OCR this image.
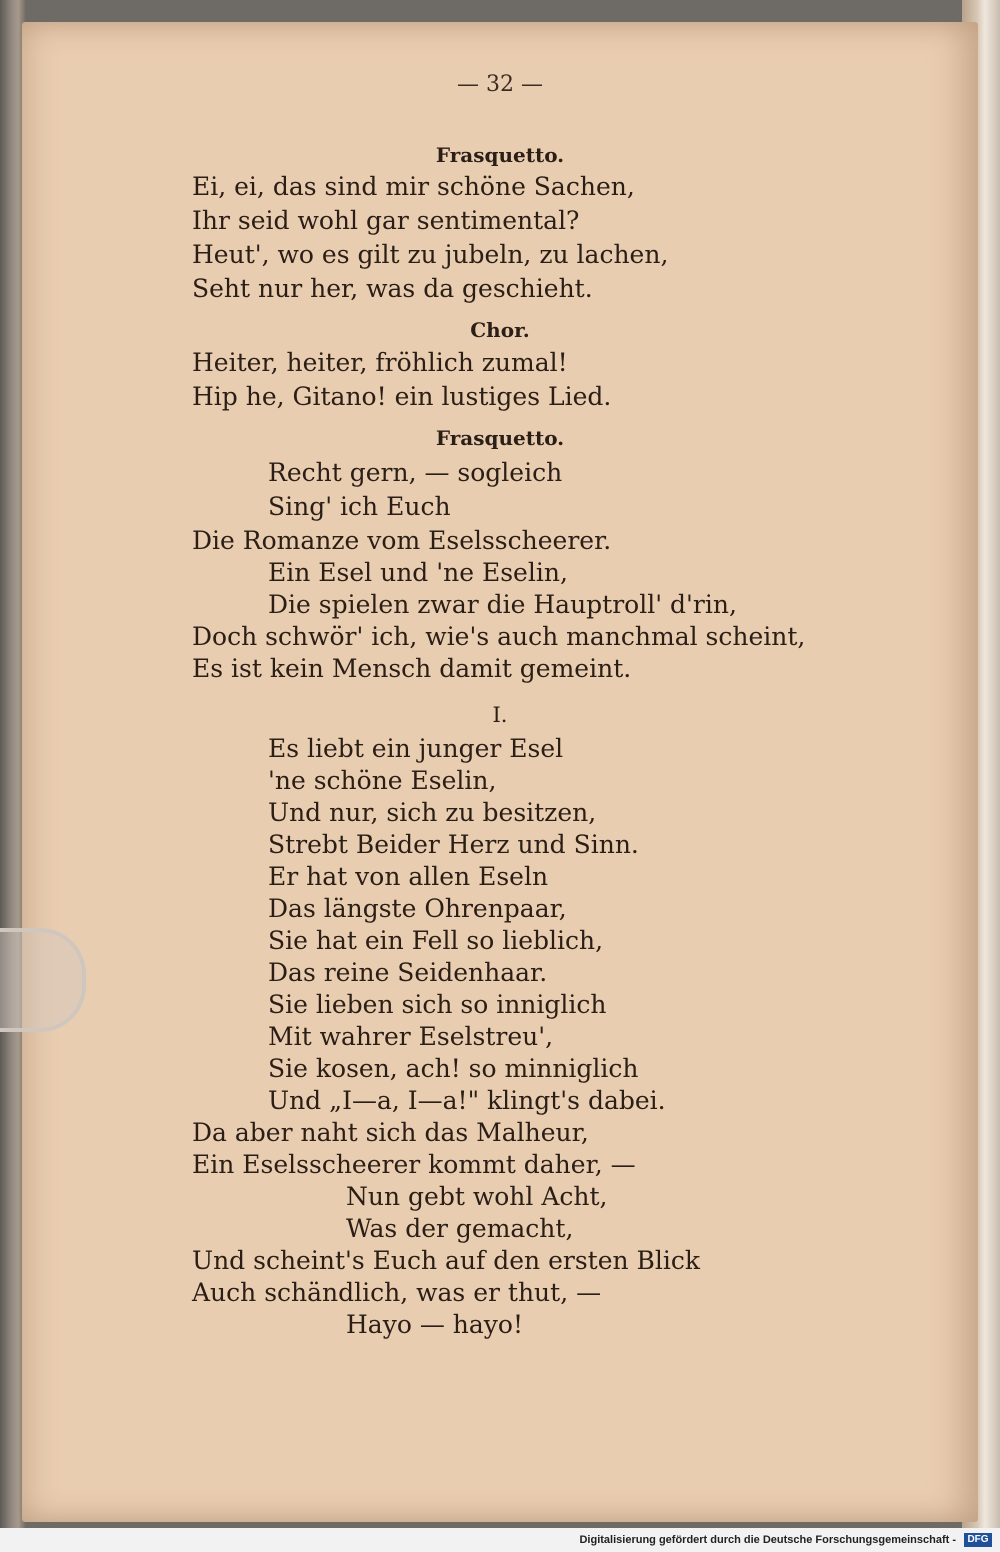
— 32 —
Frasquetto.
Ei, ei, das sind mir schöne Sachen,
Ihr seid wohl gar sentimental?
Heut', wo es gilt zu jubeln, zu lachen,
Seht nur her, was da geschieht.
Chor.
Heiter, heiter, fröhlich zumal!
Hip he, Gitano! ein lustiges Lied.
Frasquetto.
Recht gern, — sogleich
Sing' ich Euch
Die Romanze vom Eselsscheerer.
Ein Esel und 'ne Eselin,
Die spielen zwar die Hauptroll' d'rin,
Doch schwör' ich, wie's auch manchmal scheint,
Es ist kein Mensch damit gemeint.
I.
Es liebt ein junger Esel
'ne schöne Eselin,
Und nur, sich zu besitzen,
Strebt Beider Herz und Sinn.
Er hat von allen Eseln
Das längste Ohrenpaar,
Sie hat ein Fell so lieblich,
Das reine Seidenhaar.
Sie lieben sich so inniglich
Mit wahrer Eselstreu',
Sie kosen, ach! so minniglich
Und „I—a, I—a!" klingt's dabei.
Da aber naht sich das Malheur,
Ein Eselsscheerer kommt daher, —
Nun gebt wohl Acht,
Was der gemacht,
Und scheint's Euch auf den ersten Blick
Auch schändlich, was er thut, —
Hayo — hayo!
Digitalisierung gefördert durch die Deutsche Forschungsgemeinschaft -	DFG
